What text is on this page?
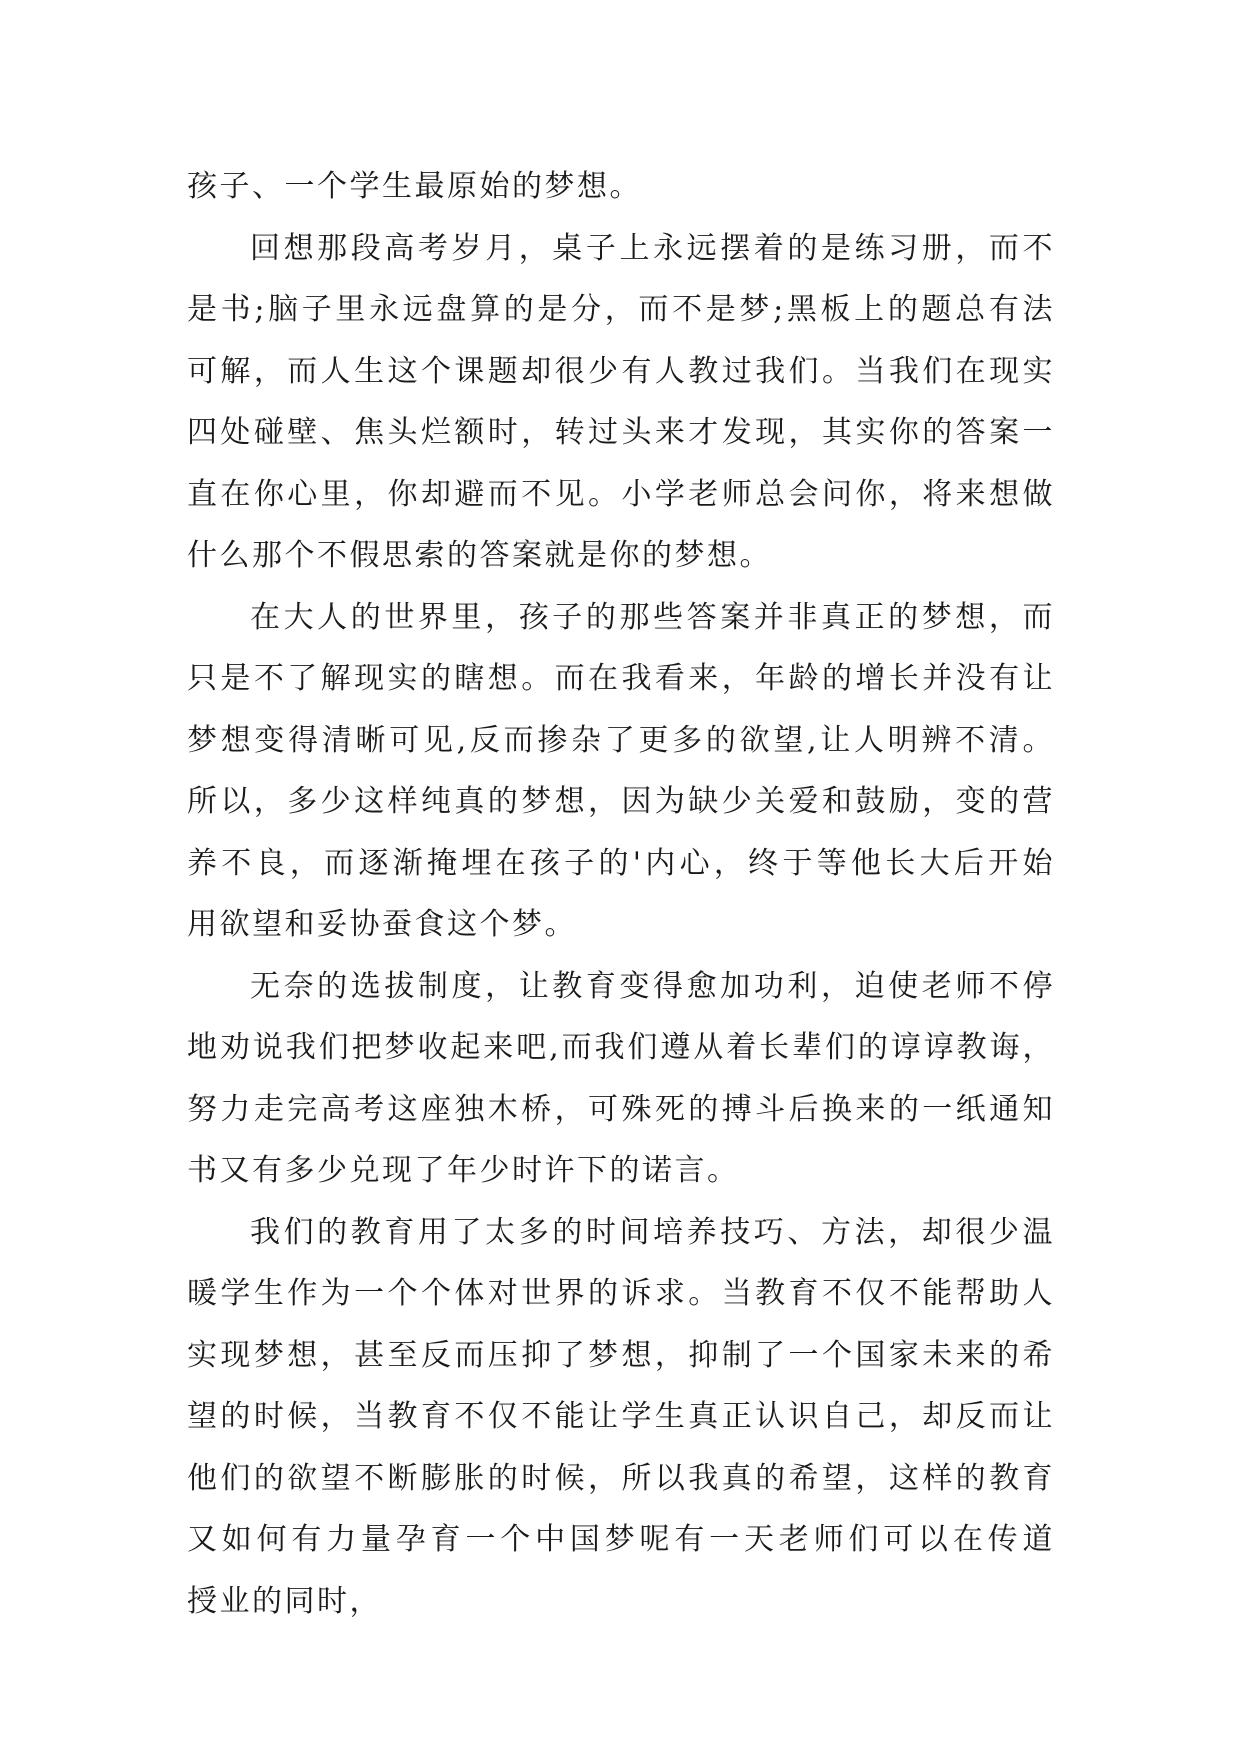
孩子、一个学生最原始的梦想。
回想那段高考岁月，桌子上永远摆着的是练习册，而不
是书;脑子里永远盘算的是分，而不是梦;黑板上的题总有法
可解，而人生这个课题却很少有人教过我们。当我们在现实
四处碰壁、焦头烂额时，转过头来才发现，其实你的答案一
直在你心里，你却避而不见。小学老师总会问你，将来想做
什么那个不假思索的答案就是你的梦想。
在大人的世界里，孩子的那些答案并非真正的梦想，而
只是不了解现实的瞎想。而在我看来，年龄的增长并没有让
梦想变得清晰可见,反而掺杂了更多的欲望,让人明辨不清。
所以，多少这样纯真的梦想，因为缺少关爱和鼓励，变的营
养不良，而逐渐掩埋在孩子的'内心，终于等他长大后开始
用欲望和妥协蚕食这个梦。
无奈的选拔制度，让教育变得愈加功利，迫使老师不停
地劝说我们把梦收起来吧,而我们遵从着长辈们的谆谆教诲，
努力走完高考这座独木桥，可殊死的搏斗后换来的一纸通知
书又有多少兑现了年少时许下的诺言。
我们的教育用了太多的时间培养技巧、方法，却很少温
暖学生作为一个个体对世界的诉求。当教育不仅不能帮助人
实现梦想，甚至反而压抑了梦想，抑制了一个国家未来的希
望的时候，当教育不仅不能让学生真正认识自己，却反而让
他们的欲望不断膨胀的时候，所以我真的希望，这样的教育
又如何有力量孕育一个中国梦呢有一天老师们可以在传道
授业的同时，
